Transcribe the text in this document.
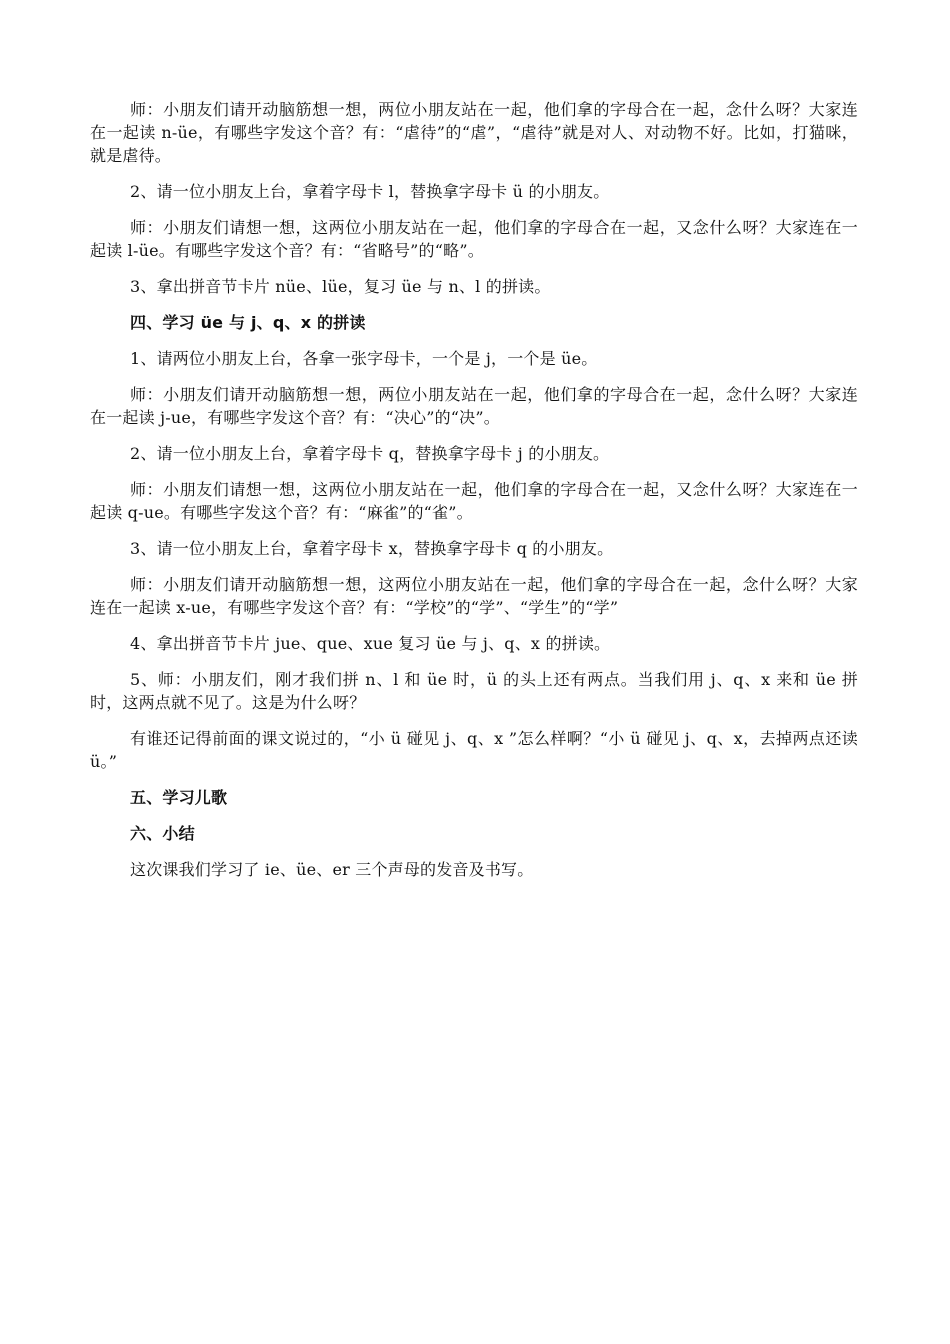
师：小朋友们请开动脑筋想一想，两位小朋友站在一起，他们拿的字母合在一起，念什么呀？大家连在一起读 n-üe，有哪些字发这个音？有：“虐待”的“虐”，“虐待”就是对人、对动物不好。比如，打猫咪，就是虐待。

2、请一位小朋友上台，拿着字母卡 l，替换拿字母卡 ü 的小朋友。

师：小朋友们请想一想，这两位小朋友站在一起，他们拿的字母合在一起，又念什么呀？大家连在一起读 l-üe。有哪些字发这个音？有：“省略号”的“略”。

3、拿出拼音节卡片 nüe、lüe，复习 üe 与 n、l 的拼读。

四、学习 üe 与 j、q、x 的拼读

1、请两位小朋友上台，各拿一张字母卡，一个是 j，一个是 üe。

师：小朋友们请开动脑筋想一想，两位小朋友站在一起，他们拿的字母合在一起，念什么呀？大家连在一起读 j-ue，有哪些字发这个音？有：“决心”的“决”。

2、请一位小朋友上台，拿着字母卡 q，替换拿字母卡 j 的小朋友。

师：小朋友们请想一想，这两位小朋友站在一起，他们拿的字母合在一起，又念什么呀？大家连在一起读 q-ue。有哪些字发这个音？有：“麻雀”的“雀”。

3、请一位小朋友上台，拿着字母卡 x，替换拿字母卡 q 的小朋友。

师：小朋友们请开动脑筋想一想，这两位小朋友站在一起，他们拿的字母合在一起，念什么呀？大家连在一起读 x-ue，有哪些字发这个音？有：“学校”的“学”、“学生”的“学”

4、拿出拼音节卡片 jue、que、xue 复习 üe 与 j、q、x 的拼读。

5、师：小朋友们，刚才我们拼 n、l 和 üe 时，ü 的头上还有两点。当我们用 j、q、x 来和 üe 拼时，这两点就不见了。这是为什么呀？

有谁还记得前面的课文说过的，“小 ü 碰见 j、q、x ”怎么样啊？“小 ü 碰见 j、q、x，去掉两点还读 ü。”

五、学习儿歌
六、小结

这次课我们学习了 ie、üe、er 三个声母的发音及书写。
